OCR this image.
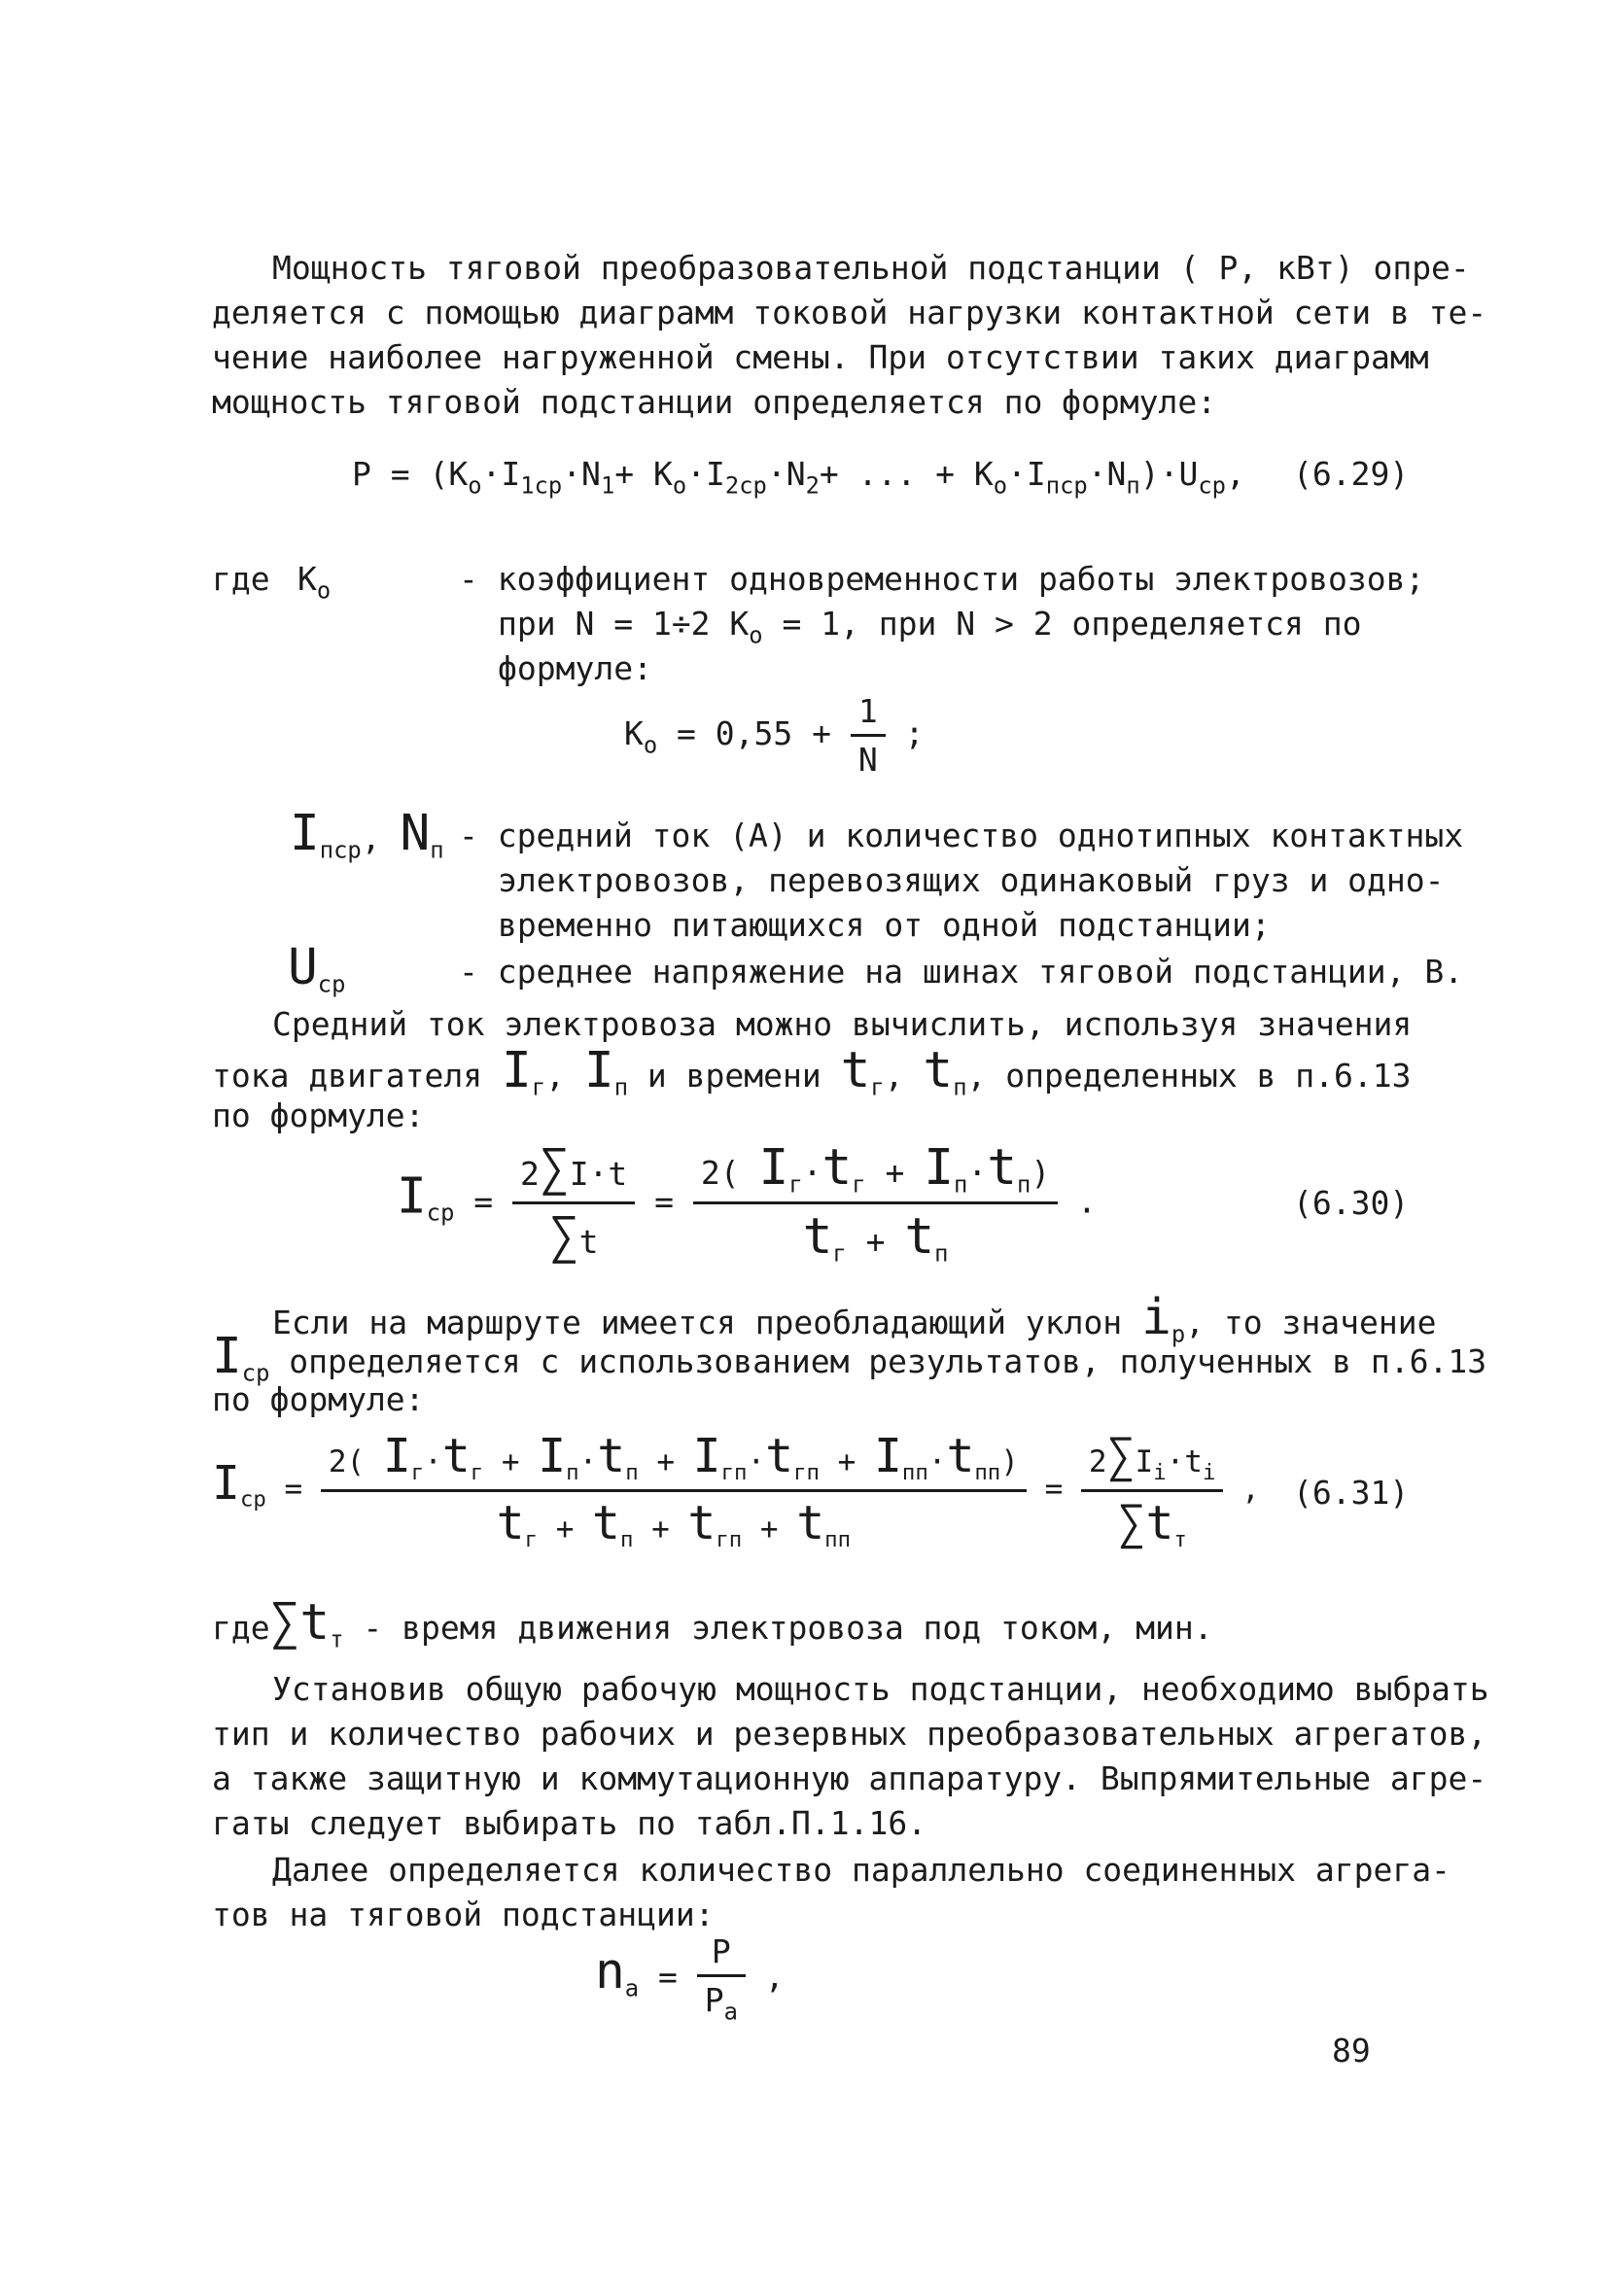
Мощность тяговой преобразовательной подстанции ( Р, кВт) опре-
деляется с помощью диаграмм токовой нагрузки контактной сети в те-
чение наиболее нагруженной смены. При отсутствии таких диаграмм
мощность тяговой подстанции определяется по формуле:
$P = (K_o\cdot I_{1ср}\cdot N_1+ K_o\cdot I_{2ср}\cdot N_2+$ ... + $K_o\cdot I_{пср}\cdot N_п)\cdot U_{ср}$, (6.29)
где $K_o$	- коэффициент одновременности работы электровозов;
при N = 1÷2 $K_o = 1$, при N > 2 определяется по
формуле:
$K_o = 0,55 + \frac{1}{N}$ ;
$I_{пср}$, $N_п$ - средний ток (А) и количество однотипных контактных
электровозов, перевозящих одинаковый груз и одно-
временно питающихся от одной подстанции;
$U_{ср}$	- среднее напряжение на шинах тяговой подстанции, В.
Средний ток электровоза можно вычислить, используя значения
тока двигателя $I_г$, $I_п$ и времени $t_г$, $t_п$, определенных в п.6.13
по формуле:
$I_{ср} = \frac{2\sum I\cdot t}{\sum t} = \frac{2( I_г\cdot t_г + I_п\cdot t_п)}{t_г + t_п}$ .	(6.30)
Если на маршруте имеется преобладающий уклон $i_р$, то значение
$I_{ср}$ определяется с использованием результатов, полученных в п.6.13
по формуле:
$I_{ср} = \frac{2( I_г\cdot t_г + I_п\cdot t_п + I_{гп}\cdot t_{гп} + I_{пп}\cdot t_{пп})}{t_г + t_п + t_{гп} + t_{пп}} = \frac{2\sum I_i\cdot t_i}{\sum t_т}$ , (6.31)
$где\sum t_т$ - время движения электровоза под током, мин.
Установив общую рабочую мощность подстанции, необходимо выбрать
тип и количество рабочих и резервных преобразовательных агрегатов,
а также защитную и коммутационную аппаратуру. Выпрямительные агре-
гаты следует выбирать по табл.П.1.16.
Далее определяется количество параллельно соединенных агрега-
тов на тяговой подстанции:
$n_a = \frac{P}{P_a}$ ,
89
